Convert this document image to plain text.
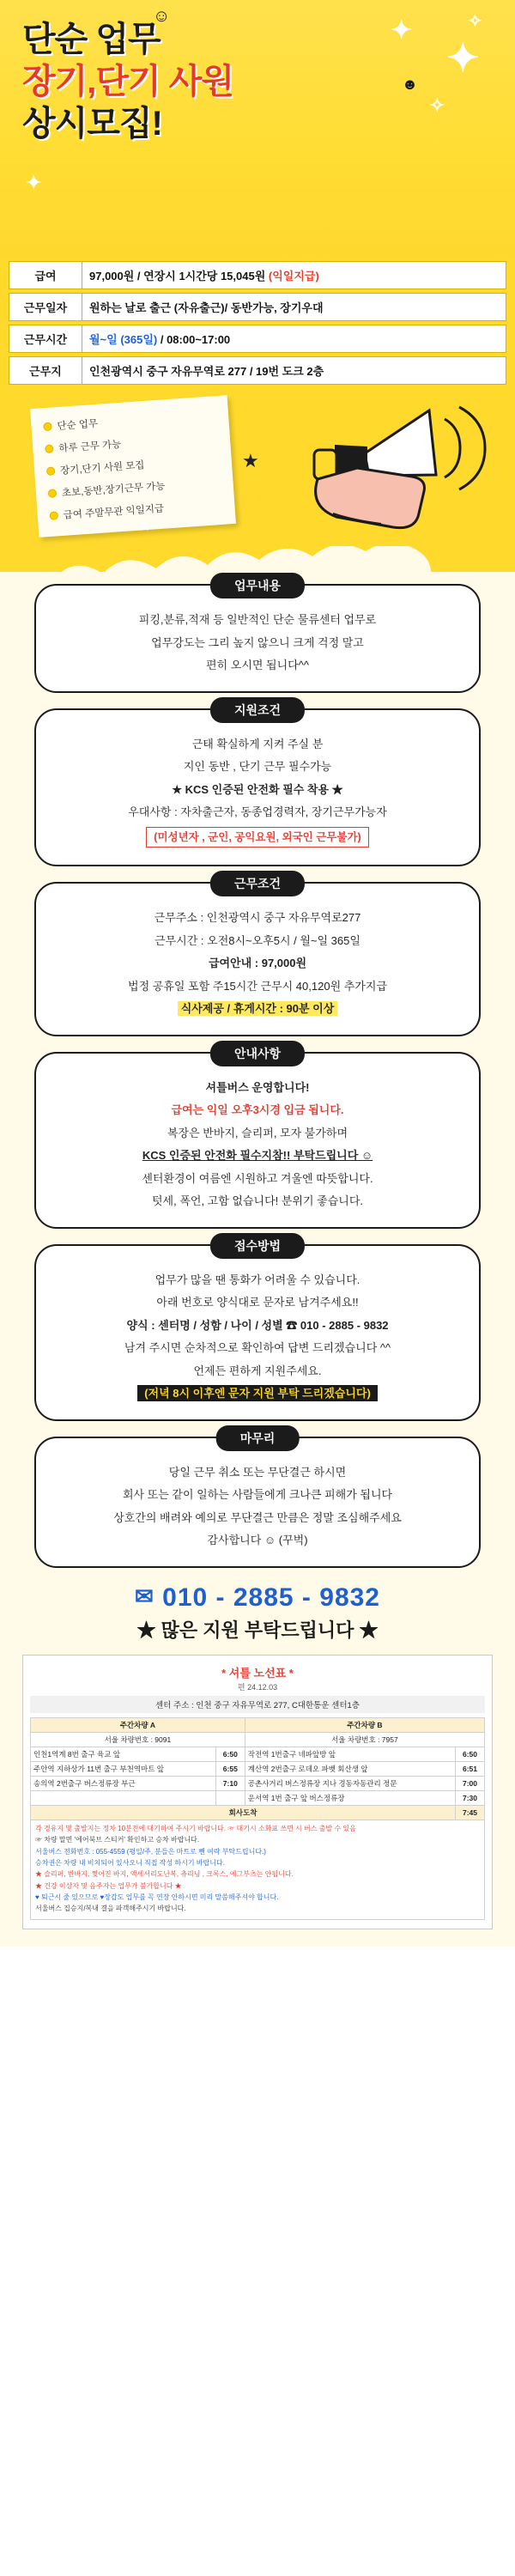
✦
✦
✧
✧
✦
☺
☻
단순 업무
장기,단기 사원
상시모집!
급여	97,000원 / 연장시 1시간당 15,045원 (익일지급)
근무일자	원하는 날로 출근 (자유출근)/ 동반가능, 장기우대
근무시간	월~일 (365일) / 08:00~17:00
근무지	인천광역시 중구 자유무역로 277 / 19번 도크 2층
단순 업무
하루 근무 가능
장기,단기 사원 모집
초보,동반,장기근무 가능
급여 주말무관 익일지급
★
★
업무내용

피킹,분류,적재 등 일반적인 단순 물류센터 업무로

업무강도는 그리 높지 않으니 크게 걱정 말고

편히 오시면 됩니다^^

지원조건

근태 확실하게 지켜 주실 분

지인 동반 , 단기 근무 필수가능

★ KCS 인증된 안전화 필수 착용 ★

우대사항 : 자차출근자, 동종업경력자, 장기근무가능자

(미성년자 , 군인, 공익요원, 외국인 근무불가)

근무조건

근무주소 : 인천광역시 중구 자유무역로277

근무시간 : 오전8시~오후5시 / 월~일 365일

급여안내 : 97,000원

법정 공휴일 포함 주15시간 근무시 40,120원 추가지급

식사제공 / 휴게시간 : 90분 이상

안내사항

셔틀버스 운영합니다!

급여는 익일 오후3시경 입금 됩니다.

복장은 반바지, 슬리퍼, 모자 불가하며

KCS 인증된 안전화 필수지참!! 부탁드립니다 ☺

센터환경이 여름엔 시원하고 겨울엔 따뜻합니다.

텃세, 폭언, 고함 없습니다! 분위기 좋습니다.

접수방법

업무가 많을 땐 통화가 어려울 수 있습니다.

아래 번호로 양식대로 문자로 남겨주세요!!

양식 : 센터명 / 성함 / 나이 / 성별 ☎ 010 - 2885 - 9832

남겨 주시면 순차적으로 확인하여 답변 드리겠습니다 ^^

언제든 편하게 지원주세요.

(저녁 8시 이후엔 문자 지원 부탁 드리겠습니다)

마무리

당일 근무 취소 또는 무단결근 하시면

회사 또는 같이 일하는 사람들에게 크나큰 피해가 됩니다

상호간의 배려와 예의로 무단결근 만큼은 정말 조심해주세요

감사합니다 ☺ (꾸벅)

✉ 010 - 2885 - 9832
★ 많은 지원 부탁드립니다 ★
* 셔틀 노선표 *
편 24.12.03
센터 주소 : 인천 중구 자유무역로 277, C대한통운 센터1층
주간차량 A		주간차량 B	
서울 차량번호 : 9091		서울 차량번호 : 7957	
인천1역계 8번 출구 육교 앞	6:50	작전역 1번출구 네파앞방 앞	6:50
주안역 지하상가 11번 출구 부천역마트 앞	6:55	계산역 2번출구 로데오 파벳 회산생 앞	6:51
송의역 2번출구 버스정류장 부근	7:10	공촌사거리 버스정류장 지나 경동자동관리 정문	7:00
		운서역 1번 출구 앞 버스정류장	7:30
회사도착			7:45
각 경유지 및 출발지는 정차 10분전에 대기하여 주시기 바랍니다. ☞ 대기시 소화표 쓰면 시 버스 출발 수 있음
☞ 차량 말면 '에어북브 스티커' 확인하고 승차 바랍니다.
서울버스 전화번호 : 055-4559 (평일/주, 분들은 마트로 뺀 여락 부탁드립니다.)
승차권은 차량 내 비치되어 있사오니 직접 작성 하시기 바랍니다.
★ 슬리퍼, 반바지, 찢어진 바지, 액세서리도난복, 츄리닝 , 크록스, 에그부츠는 안됩니다.
★ 건강 이상자 및 음주자는 업무가 불가합니다 ★
♥ 퇴근시 줄 있으므로 ♥장갑도 업무를 꼭 연장 안하시면 미리 말씀해주셔야 합니다.
서울버스 집승지/복내 결을 파객해주시기 바랍니다.
